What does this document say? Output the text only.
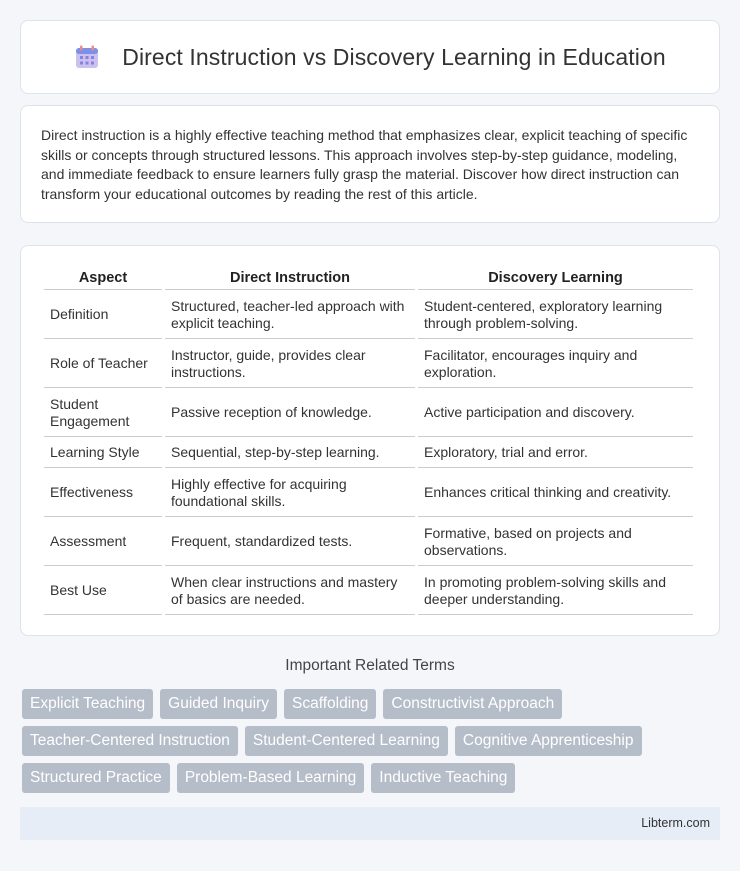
Direct Instruction vs Discovery Learning in Education

Direct instruction is a highly effective teaching method that emphasizes clear, explicit teaching of specific skills or concepts through structured lessons. This approach involves step-by-step guidance, modeling, and immediate feedback to ensure learners fully grasp the material. Discover how direct instruction can transform your educational outcomes by reading the rest of this article.

Aspect	Direct Instruction	Discovery Learning
Definition	Structured, teacher-led approach with explicit teaching.	Student-centered, exploratory learning through problem-solving.
Role of Teacher	Instructor, guide, provides clear instructions.	Facilitator, encourages inquiry and exploration.
Student Engagement	Passive reception of knowledge.	Active participation and discovery.
Learning Style	Sequential, step-by-step learning.	Exploratory, trial and error.
Effectiveness	Highly effective for acquiring foundational skills.	Enhances critical thinking and creativity.
Assessment	Frequent, standardized tests.	Formative, based on projects and observations.
Best Use	When clear instructions and mastery of basics are needed.	In promoting problem-solving skills and deeper understanding.
Important Related Terms
Explicit Teaching	Guided Inquiry	Scaffolding	Constructivist Approach
Teacher-Centered Instruction	Student-Centered Learning	Cognitive Apprenticeship
Structured Practice	Problem-Based Learning	Inductive Teaching
Libterm.com
